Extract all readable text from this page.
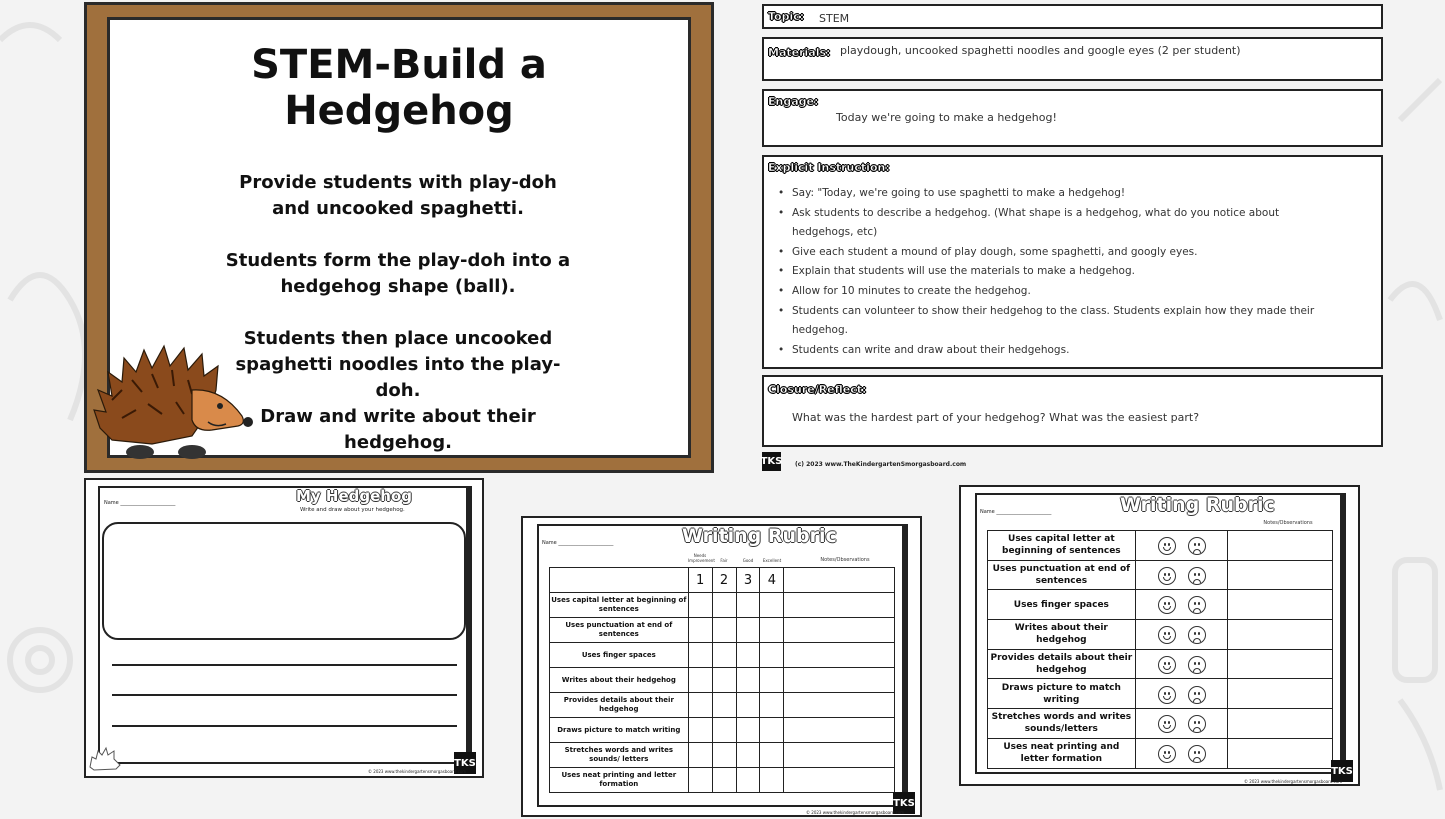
STEM-Build a Hedgehog
Provide students with play-doh and uncooked spaghetti.
Students form the play-doh into a hedgehog shape (ball).
Students then place uncooked spaghetti noodles into the play-doh.
Draw and write about their hedgehog.
Topic: STEM
Materials: playdough, uncooked spaghetti noodles and google eyes (2 per student)
Engage:
Today we're going to make a hedgehog!
Explicit Instruction:
• Say: "Today, we're going to use spaghetti to make a hedgehog!
• Ask students to describe a hedgehog. (What shape is a hedgehog, what do you notice about hedgehogs, etc)
• Give each student a mound of play dough, some spaghetti, and googly eyes.
• Explain that students will use the materials to make a hedgehog.
• Allow for 10 minutes to create the hedgehog.
• Students can volunteer to show their hedgehog to the class. Students explain how they made their hedgehog.
• Students can write and draw about their hedgehogs.
Closure/Reflect:
What was the hardest part of your hedgehog? What was the easiest part?
TKS (c) 2023 www.TheKindergartenSmorgasboard.com
Name ______________________	My Hedgehog
Write and draw about your hedgehog.
TKS
© 2023 www.thekindergartensmorgasboard.com
Name ______________________	Writing Rubric
Needs Improvement	Fair	Good	Excellent	Notes/Observations
	1	2	3	4	
Uses capital letter at beginning of sentences					
Uses punctuation at end of sentences					
Uses finger spaces					
Writes about their hedgehog					
Provides details about their hedgehog					
Draws picture to match writing					
Stretches words and writes sounds/ letters					
Uses neat printing and letter formation					
TKS
© 2023 www.thekindergartensmorgasboard.com
Name ______________________	Writing Rubric
Notes/Observations
Uses capital letter at beginning of sentences	

Uses punctuation at end of sentences	

Uses finger spaces	

Writes about their hedgehog	

Provides details about their hedgehog	

Draws picture to match writing	

Stretches words and writes sounds/letters	

Uses neat printing and letter formation	

TKS
© 2023 www.thekindergartensmorgasboard.com
